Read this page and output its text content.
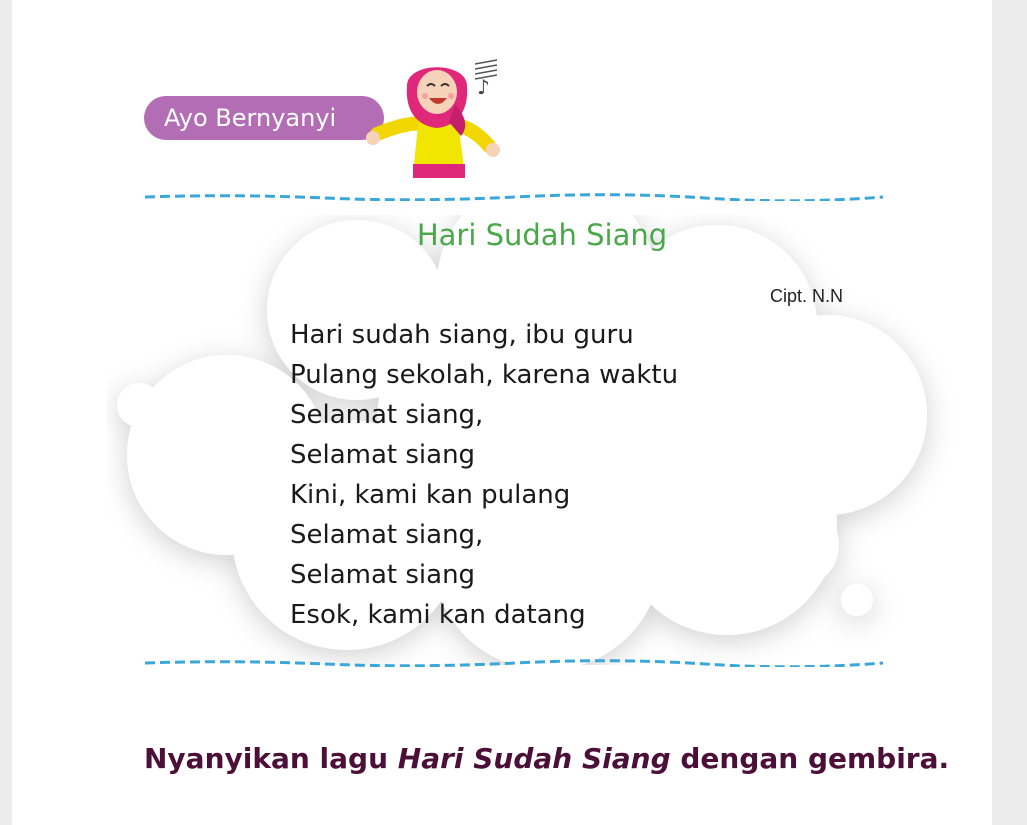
Ayo Bernyanyi
♪
Hari Sudah Siang
Cipt. N.N
Hari sudah siang, ibu guru
Pulang sekolah, karena waktu
Selamat siang,
Selamat siang
Kini, kami kan pulang
Selamat siang,
Selamat siang
Esok, kami kan datang
Nyanyikan lagu Hari Sudah Siang dengan gembira.
